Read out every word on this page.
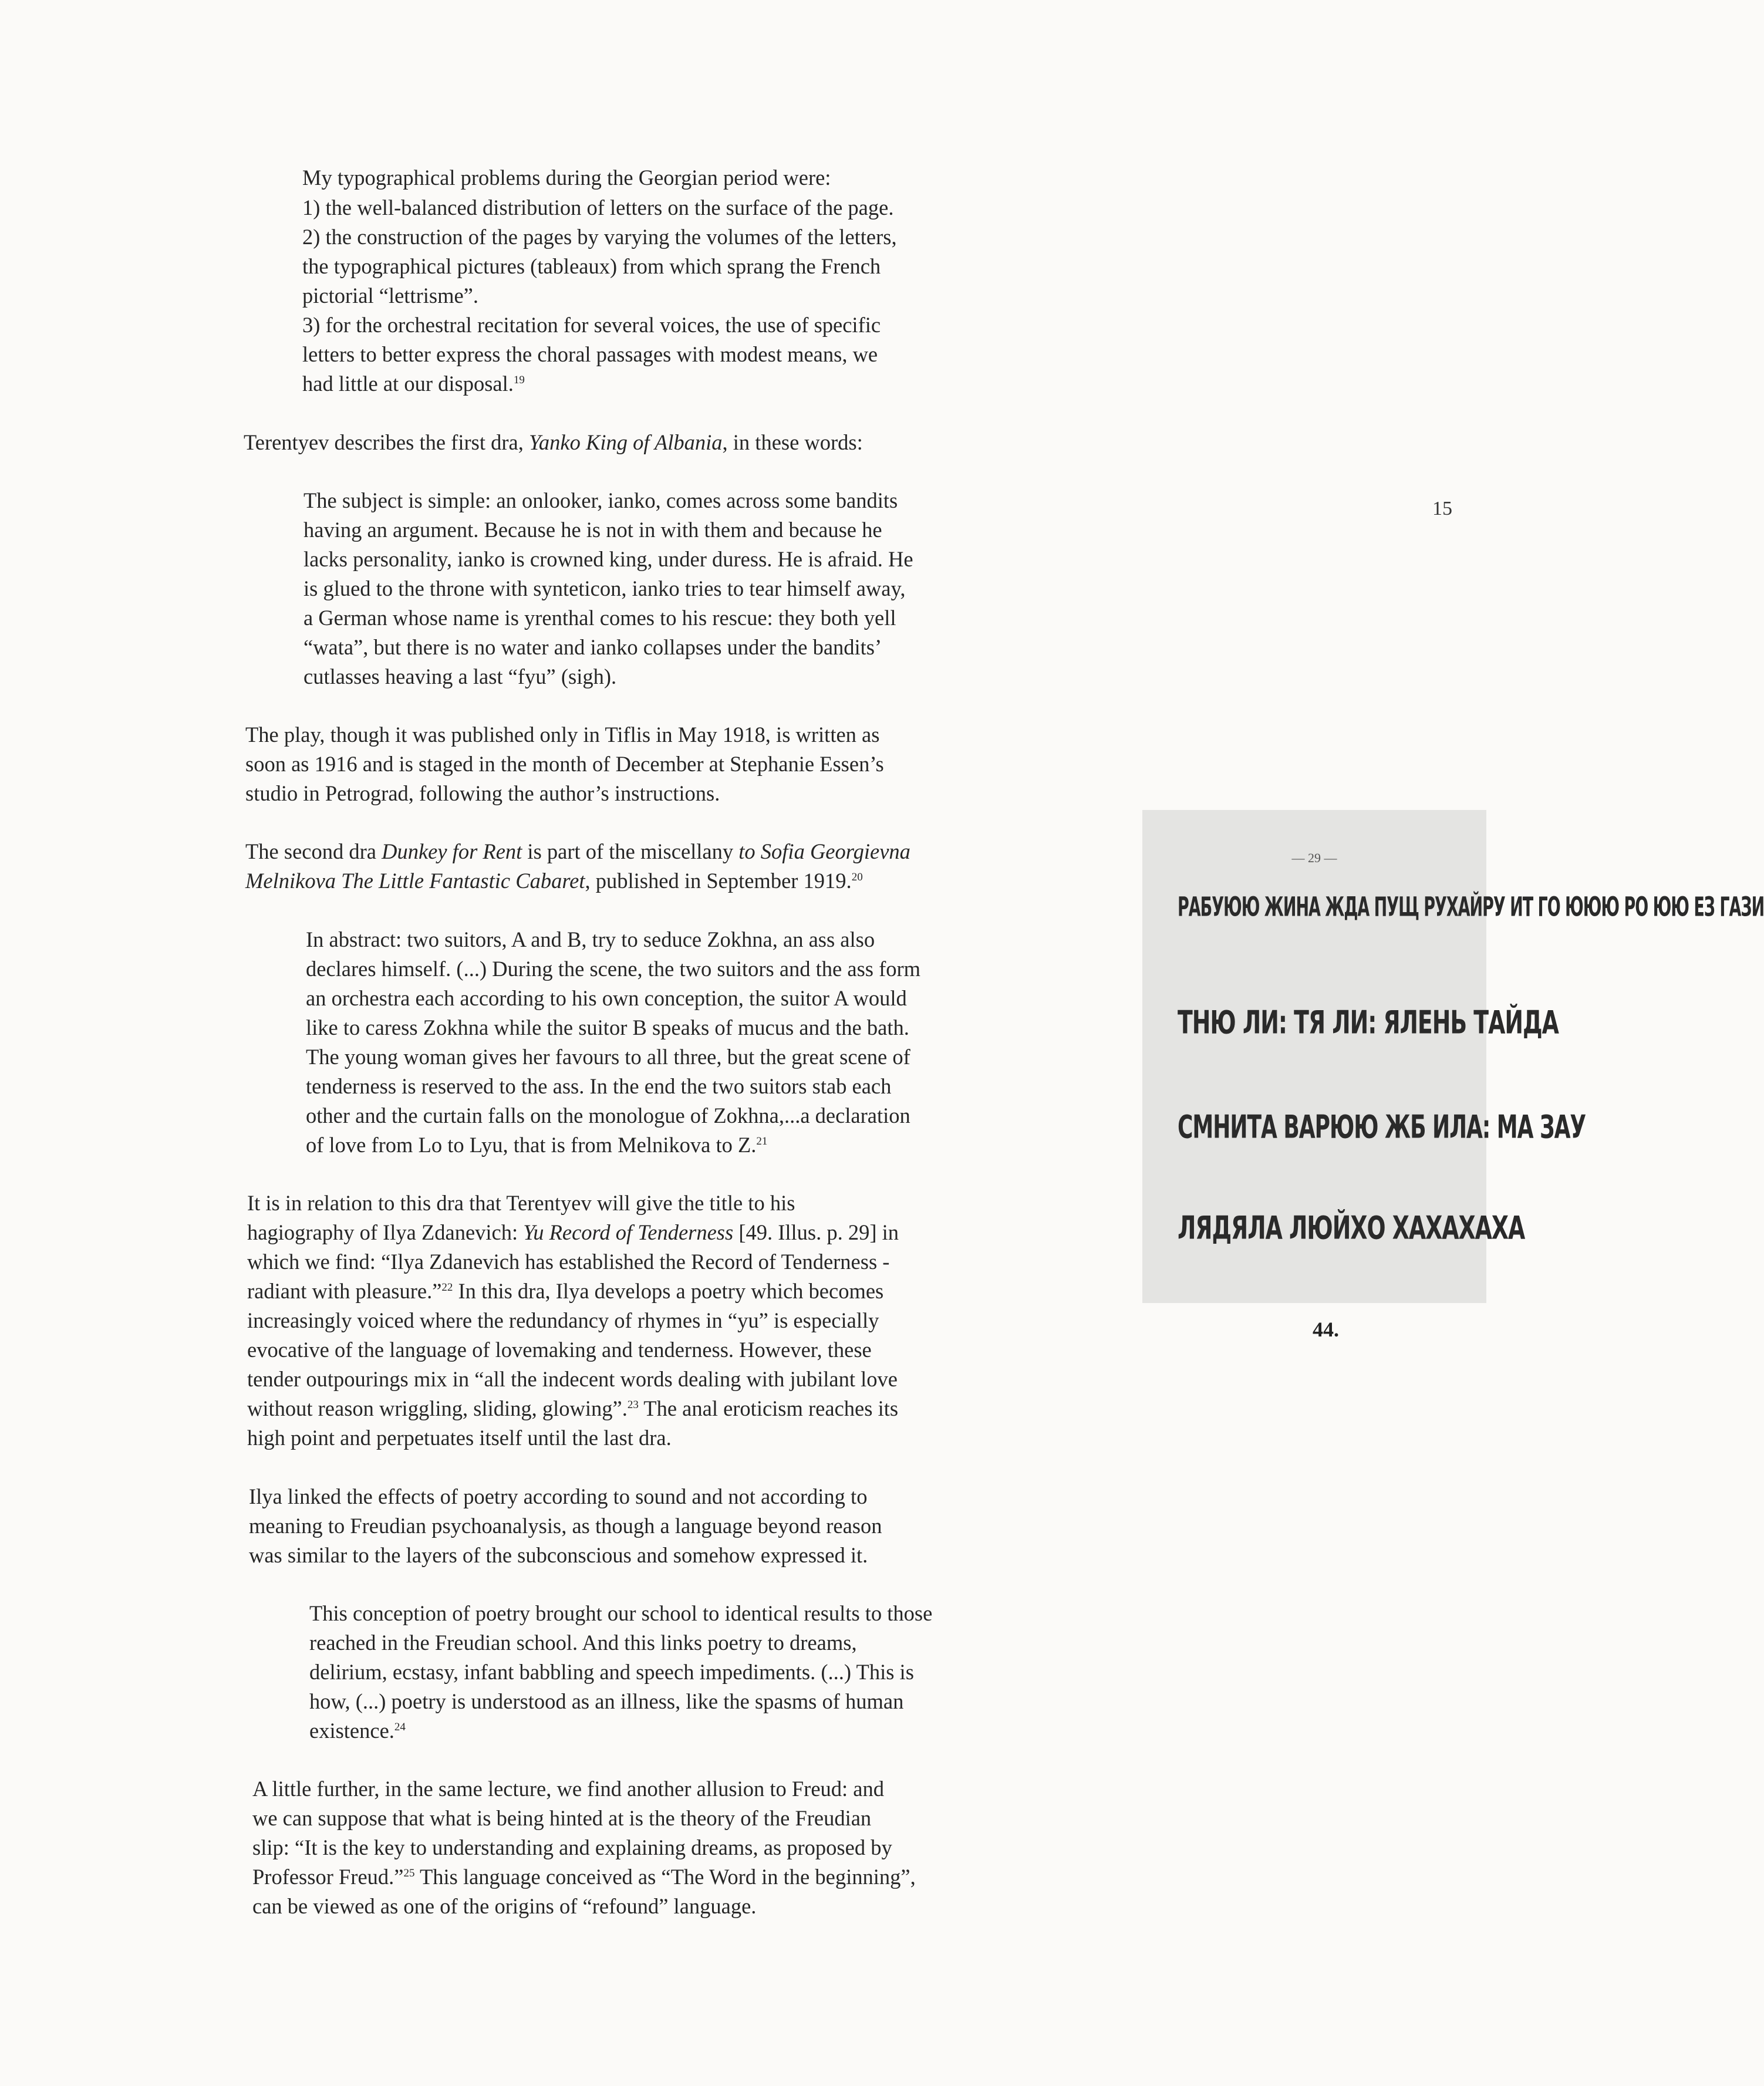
My typographical problems during the Georgian period were:

1) the well-balanced distribution of letters on the surface of the page.

2) the construction of the pages by varying the volumes of the letters,

the typographical pictures (tableaux) from which sprang the French

pictorial “lettrisme”.

3) for the orchestral recitation for several voices, the use of specific

letters to better express the choral passages with modest means, we

had little at our disposal.$^{19}$

Terentyev describes the first dra, Yanko King of Albania, in these words:

15

The subject is simple: an onlooker, ianko, comes across some bandits

having an argument. Because he is not in with them and because he

lacks personality, ianko is crowned king, under duress. He is afraid. He

is glued to the throne with synteticon, ianko tries to tear himself away,

a German whose name is yrenthal comes to his rescue: they both yell

“wata”, but there is no water and ianko collapses under the bandits’

cutlasses heaving a last “fyu” (sigh).

The play, though it was published only in Tiflis in May 1918, is written as

soon as 1916 and is staged in the month of December at Stephanie Essen’s

studio in Petrograd, following the author’s instructions.

The second dra Dunkey for Rent is part of the miscellany to Sofia Georgievna

Melnikova The Little Fantastic Cabaret, published in September 1919.20

In abstract: two suitors, A and B, try to seduce Zokhna, an ass also

declares himself. (...) During the scene, the two suitors and the ass form

an orchestra each according to his own conception, the suitor A would

like to caress Zokhna while the suitor B speaks of mucus and the bath.

The young woman gives her favours to all three, but the great scene of

tenderness is reserved to the ass. In the end the two suitors stab each

other and the curtain falls on the monologue of Zokhna,...a declaration

of love from Lo to Lyu, that is from Melnikova to Z.$^{21}$

It is in relation to this dra that Terentyev will give the title to his

hagiography of Ilya Zdanevich: Yu Record of Tenderness [49. Illus. p. 29] in

which we find: “Ilya Zdanevich has established the Record of Tenderness -

radiant with pleasure.”$^{22}$ In this dra, Ilya develops a poetry which becomes

increasingly voiced where the redundancy of rhymes in “yu” is especially

evocative of the language of lovemaking and tenderness. However, these

tender outpourings mix in “all the indecent words dealing with jubilant love

without reason wriggling, sliding, glowing”.$^{23}$ The anal eroticism reaches its

high point and perpetuates itself until the last dra.

Ilya linked the effects of poetry according to sound and not according to

meaning to Freudian psychoanalysis, as though a language beyond reason

was similar to the layers of the subconscious and somehow expressed it.

This conception of poetry brought our school to identical results to those

reached in the Freudian school. And this links poetry to dreams,

delirium, ecstasy, infant babbling and speech impediments. (...) This is

how, (...) poetry is understood as an illness, like the spasms of human

existence.$^{24}$

A little further, in the same lecture, we find another allusion to Freud: and

we can suppose that what is being hinted at is the theory of the Freudian

slip: “It is the key to understanding and explaining dreams, as proposed by

Professor Freud.”$^{25}$ This language conceived as “The Word in the beginning”,

can be viewed as one of the origins of “refound” language.

— 29 —
РАБУЮЮ ЖИНА ЖДА ПУЩ РУХАЙРУ ИТ ГО ЮЮЮ РО ЮЮ ЕЗ ГАЗИ
ТНЮ ЛИ: ТЯ ЛИ: ЯЛЕНЬ ТАЙДА
СМНИТА ВАРЮЮ ЖБ ИЛА: МА ЗАУ
ЛЯДЯЛА ЛЮЙХО ХАХАХАХА
44.
